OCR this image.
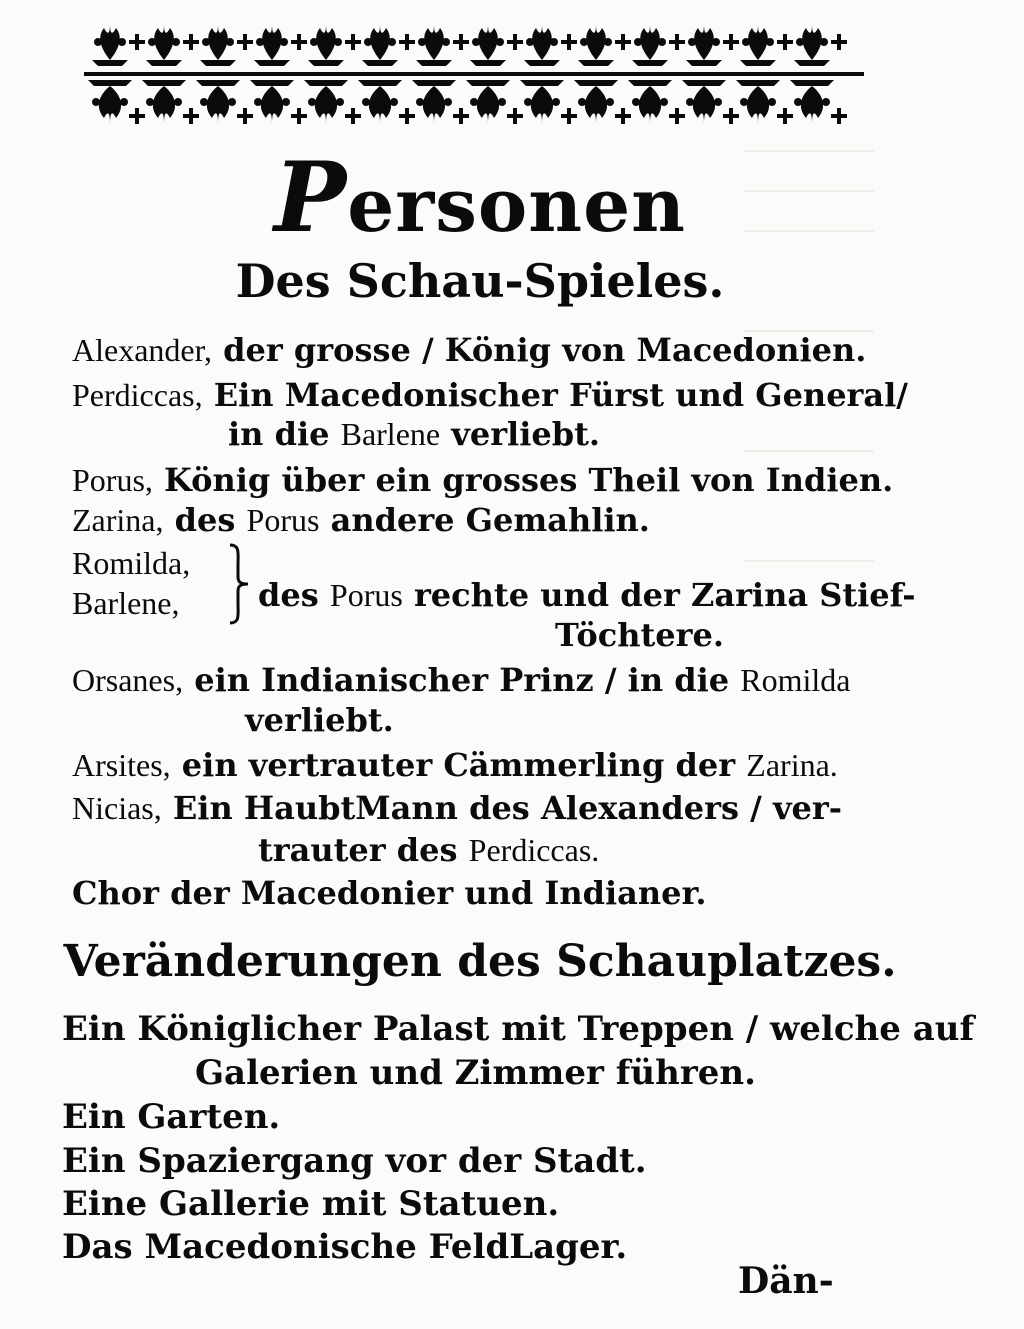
Personen
Des Schau-Spieles.
Alexander, der grosse / König von Macedonien.
Perdiccas, Ein Macedonischer Fürst und General/
in die Barlene verliebt.
Porus, König über ein grosses Theil von Indien.
Zarina, des Porus andere Gemahlin.
Romilda,
Barlene, des Porus rechte und der Zarina Stief-
Töchtere.
Orsanes, ein Indianischer Prinz / in die Romilda
verliebt.
Arsites, ein vertrauter Cämmerling der Zarina.
Nicias, Ein HaubtMann des Alexanders / ver-
trauter des Perdiccas.
Chor der Macedonier und Indianer.
Veränderungen des Schauplatzes.
Ein Königlicher Palast mit Treppen / welche auf
Galerien und Zimmer führen.
Ein Garten.
Ein Spaziergang vor der Stadt.
Eine Gallerie mit Statuen.
Das Macedonische FeldLager.
Dän-
